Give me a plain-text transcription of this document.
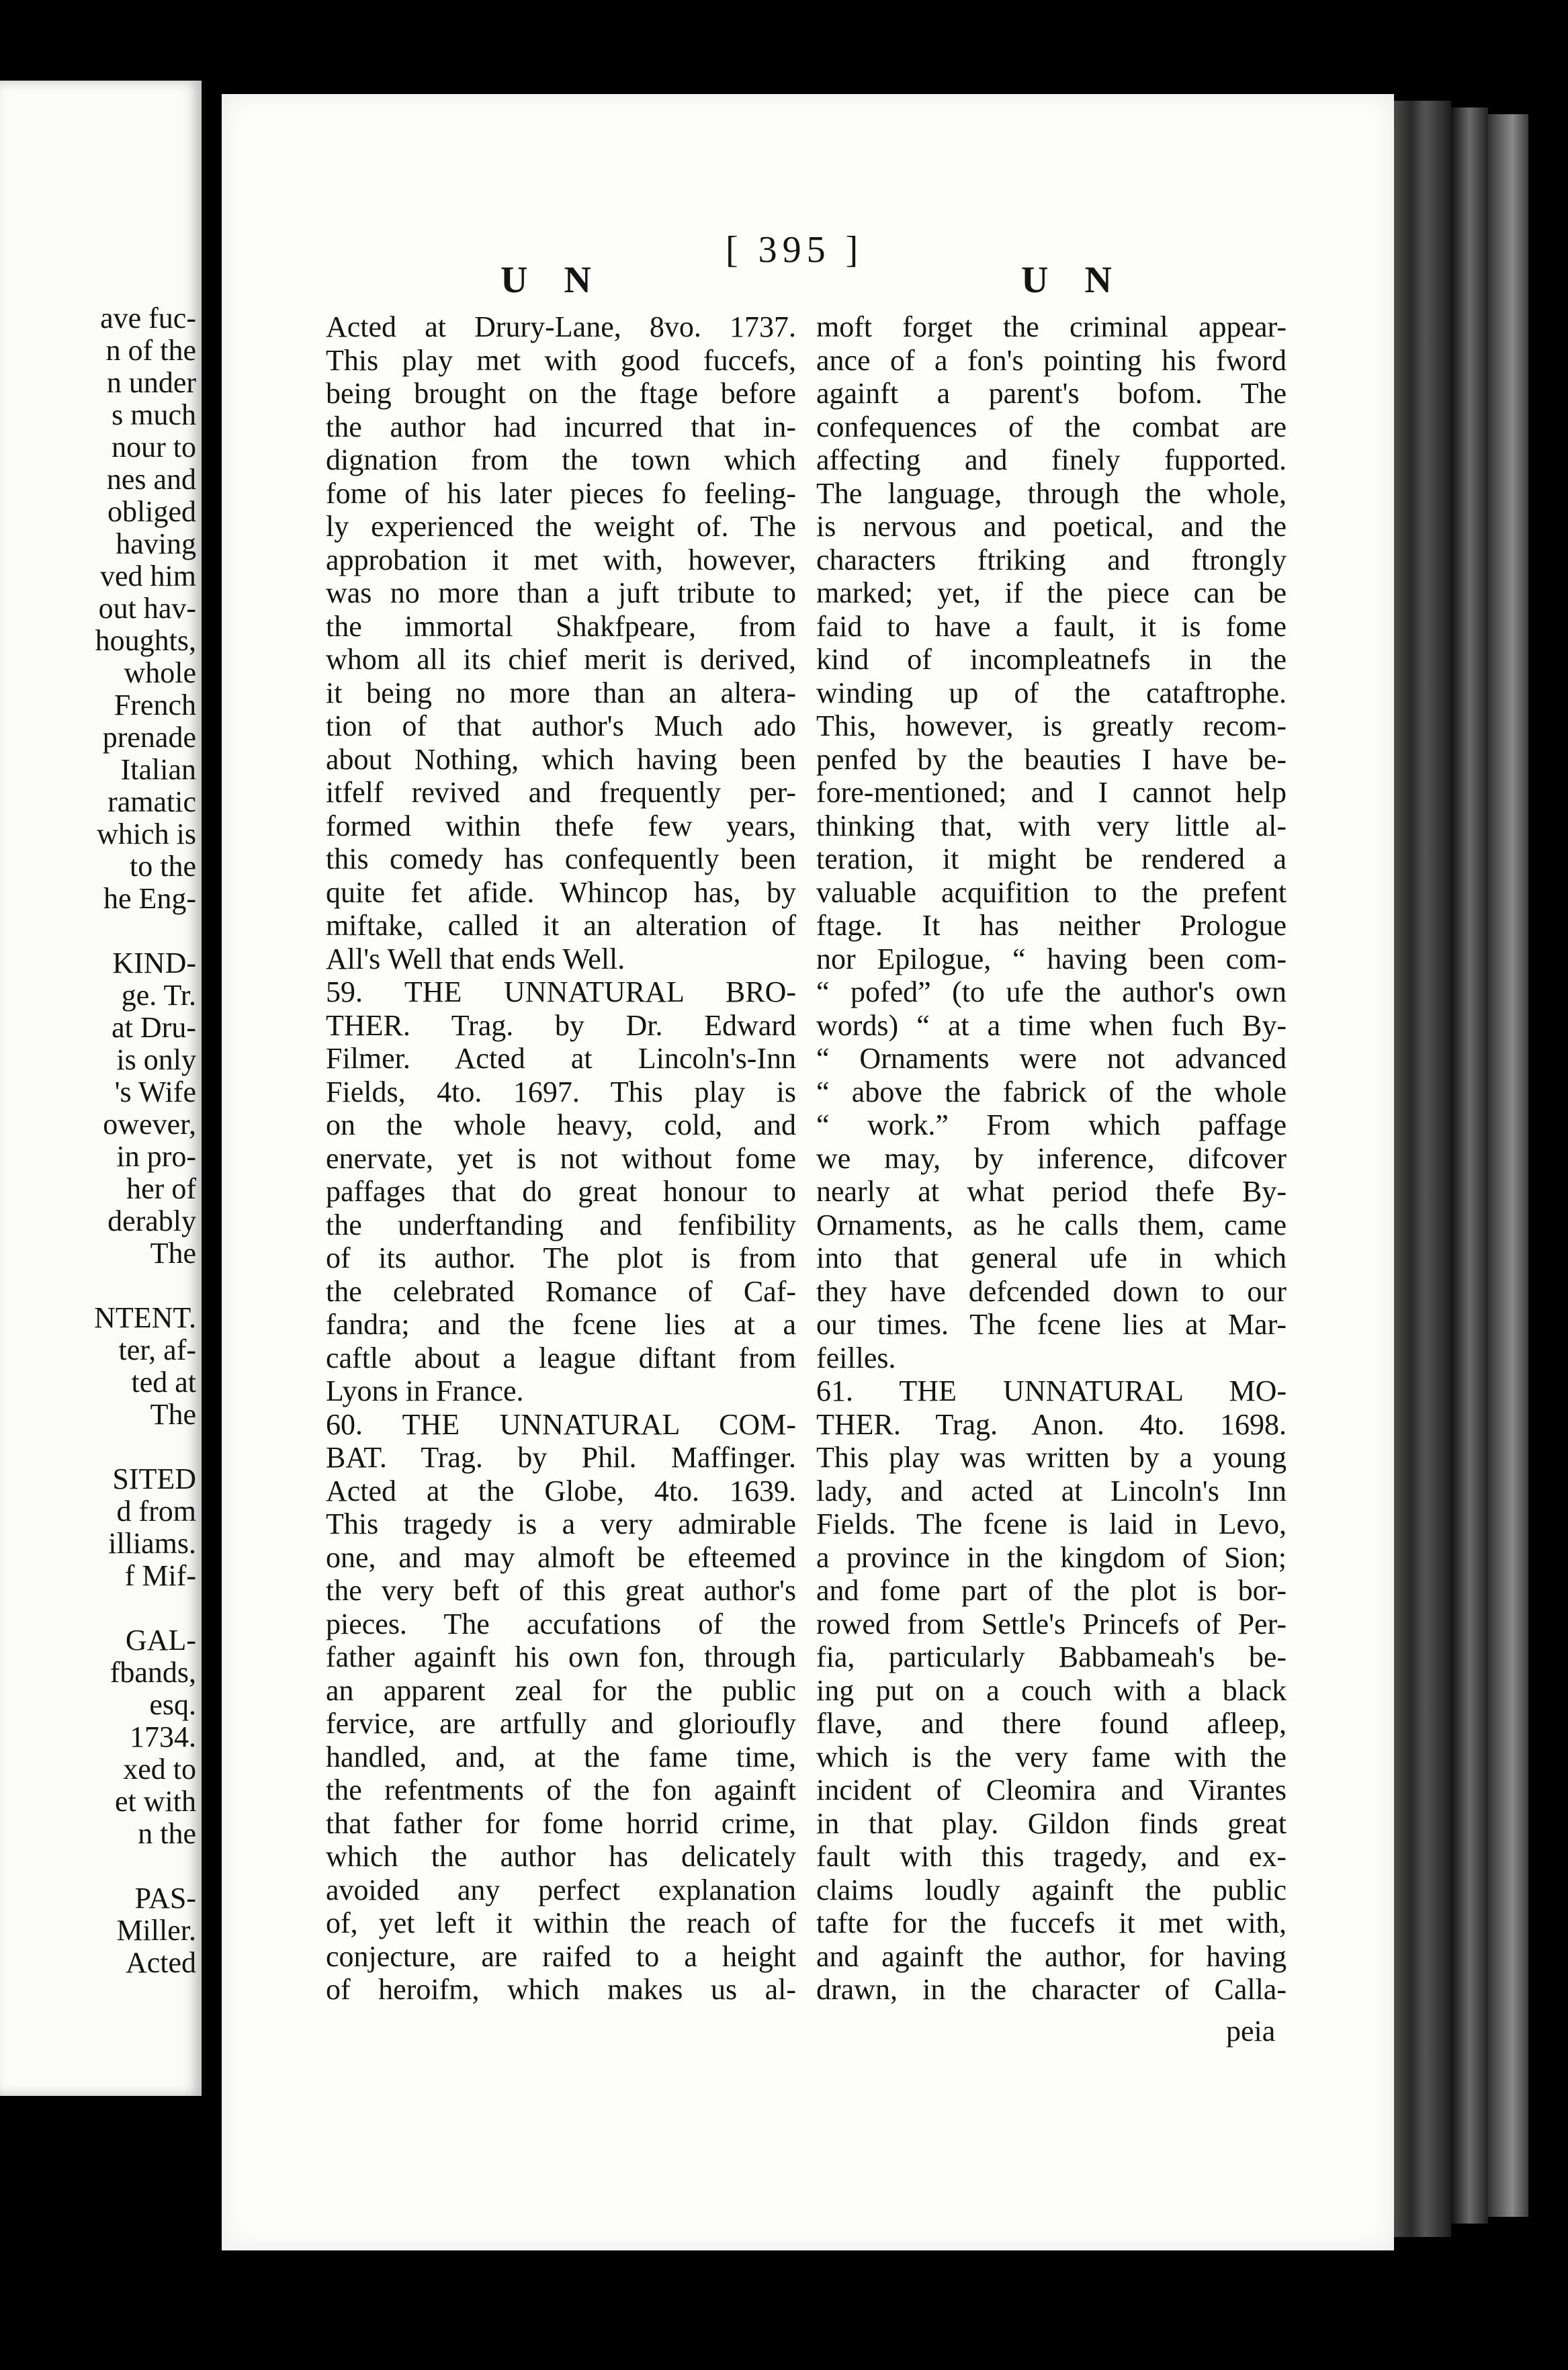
ave fuc-
n of the
n under
s much
nour to
nes and
obliged
having
ved him
out hav-
houghts,
whole
French
prenade
Italian
ramatic
which is
to the
he Eng-
KIND-
ge. Tr.
at Dru-
is only
's Wife
owever,
in pro-
her of
derably
The
NTENT.
ter, af-
ted at
The
SITED
d from
illiams.
f Mif-
GAL-
fbands,
esq.
1734.
xed to
et with
n the
PAS-
Miller.
Acted
[ 395 ]
U N	U N
Acted at Drury-Lane, 8vo. 1737.
This play met with good fuccefs,
being brought on the ftage before
the author had incurred that in-
dignation from the town which
fome of his later pieces fo feeling-
ly experienced the weight of. The
approbation it met with, however,
was no more than a juft tribute to
the immortal Shakfpeare, from
whom all its chief merit is derived,
it being no more than an altera-
tion of that author's Much ado
about Nothing, which having been
itfelf revived and frequently per-
formed within thefe few years,
this comedy has confequently been
quite fet afide. Whincop has, by
miftake, called it an alteration of
All's Well that ends Well.
59. THE UNNATURAL BRO-
THER. Trag. by Dr. Edward
Filmer. Acted at Lincoln's-Inn
Fields, 4to. 1697. This play is
on the whole heavy, cold, and
enervate, yet is not without fome
paffages that do great honour to
the underftanding and fenfibility
of its author. The plot is from
the celebrated Romance of Caf-
fandra; and the fcene lies at a
caftle about a league diftant from
Lyons in France.
60. THE UNNATURAL COM-
BAT. Trag. by Phil. Maffinger.
Acted at the Globe, 4to. 1639.
This tragedy is a very admirable
one, and may almoft be efteemed
the very beft of this great author's
pieces. The accufations of the
father againft his own fon, through
an apparent zeal for the public
fervice, are artfully and glorioufly
handled, and, at the fame time,
the refentments of the fon againft
that father for fome horrid crime,
which the author has delicately
avoided any perfect explanation
of, yet left it within the reach of
conjecture, are raifed to a height
of heroifm, which makes us al-
moft forget the criminal appear-
ance of a fon's pointing his fword
againft a parent's bofom. The
confequences of the combat are
affecting and finely fupported.
The language, through the whole,
is nervous and poetical, and the
characters ftriking and ftrongly
marked; yet, if the piece can be
faid to have a fault, it is fome
kind of incompleatnefs in the
winding up of the cataftrophe.
This, however, is greatly recom-
penfed by the beauties I have be-
fore-mentioned; and I cannot help
thinking that, with very little al-
teration, it might be rendered a
valuable acquifition to the prefent
ftage. It has neither Prologue
nor Epilogue, “ having been com-
“ pofed” (to ufe the author's own
words) “ at a time when fuch By-
“ Ornaments were not advanced
“ above the fabrick of the whole
“ work.” From which paffage
we may, by inference, difcover
nearly at what period thefe By-
Ornaments, as he calls them, came
into that general ufe in which
they have defcended down to our
our times. The fcene lies at Mar-
feilles.
61. THE UNNATURAL MO-
THER. Trag. Anon. 4to. 1698.
This play was written by a young
lady, and acted at Lincoln's Inn
Fields. The fcene is laid in Levo,
a province in the kingdom of Sion;
and fome part of the plot is bor-
rowed from Settle's Princefs of Per-
fia, particularly Babbameah's be-
ing put on a couch with a black
flave, and there found afleep,
which is the very fame with the
incident of Cleomira and Virantes
in that play. Gildon finds great
fault with this tragedy, and ex-
claims loudly againft the public
tafte for the fuccefs it met with,
and againft the author, for having
drawn, in the character of Calla-
peia
